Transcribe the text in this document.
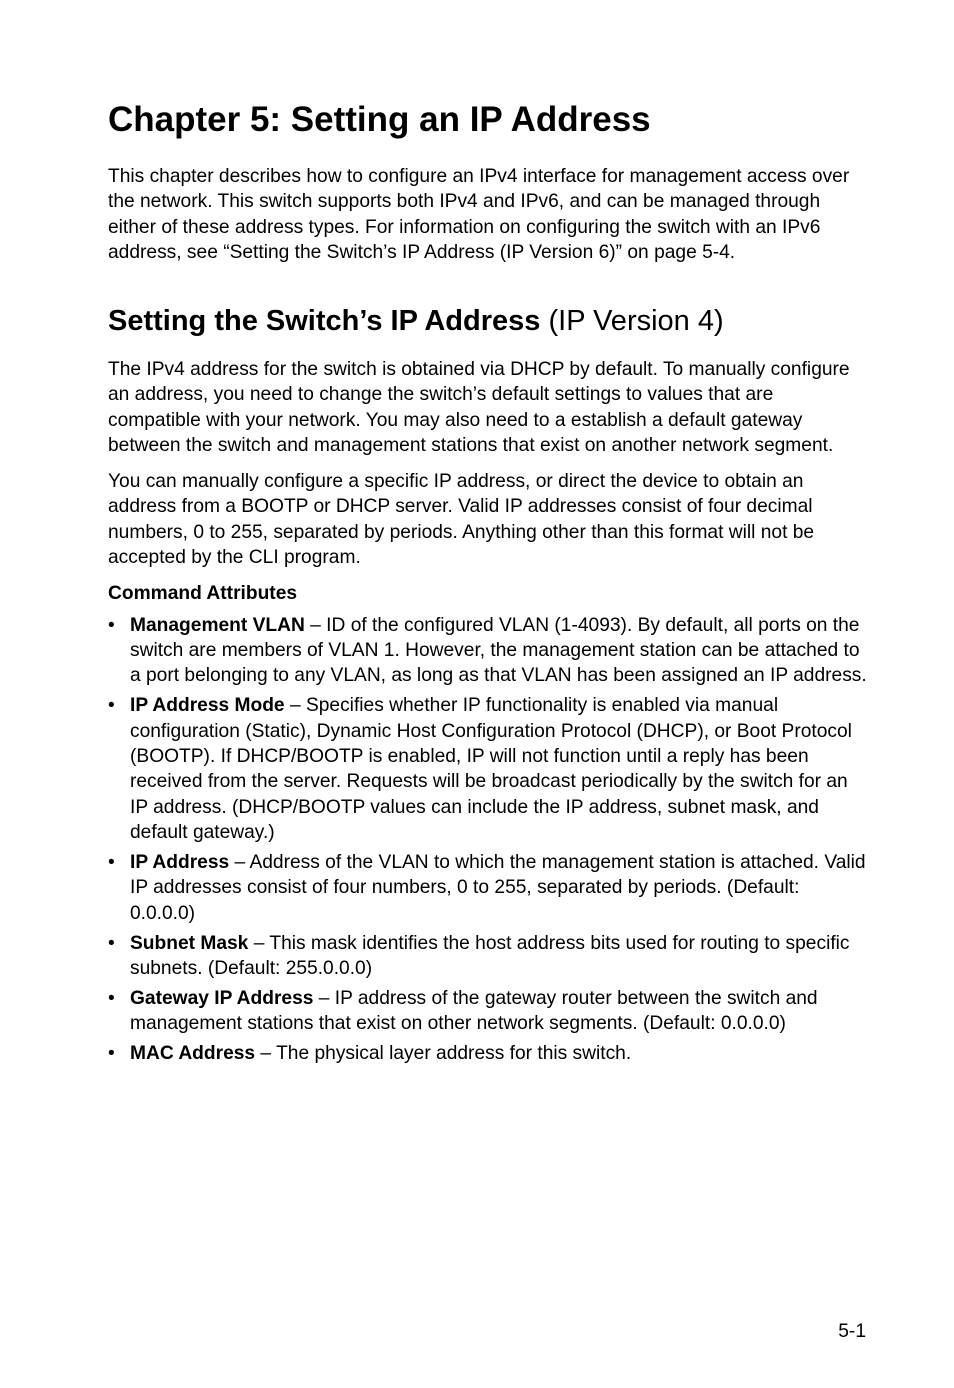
Chapter 5: Setting an IP Address

This chapter describes how to configure an IPv4 interface for management access over the network. This switch supports both IPv4 and IPv6, and can be managed through either of these address types. For information on configuring the switch with an IPv6 address, see “Setting the Switch’s IP Address (IP Version 6)” on page 5-4.

Setting the Switch’s IP Address (IP Version 4)

The IPv4 address for the switch is obtained via DHCP by default. To manually configure an address, you need to change the switch’s default settings to values that are compatible with your network. You may also need to a establish a default gateway between the switch and management stations that exist on another network segment.

You can manually configure a specific IP address, or direct the device to obtain an address from a BOOTP or DHCP server. Valid IP addresses consist of four decimal numbers, 0 to 255, separated by periods. Anything other than this format will not be accepted by the CLI program.

Command Attributes
• Management VLAN – ID of the configured VLAN (1-4093). By default, all ports on the switch are members of VLAN 1. However, the management station can be attached to a port belonging to any VLAN, as long as that VLAN has been assigned an IP address.
• IP Address Mode – Specifies whether IP functionality is enabled via manual configuration (Static), Dynamic Host Configuration Protocol (DHCP), or Boot Protocol (BOOTP). If DHCP/BOOTP is enabled, IP will not function until a reply has been received from the server. Requests will be broadcast periodically by the switch for an IP address. (DHCP/BOOTP values can include the IP address, subnet mask, and default gateway.)
• IP Address – Address of the VLAN to which the management station is attached. Valid IP addresses consist of four numbers, 0 to 255, separated by periods. (Default: 0.0.0.0)
• Subnet Mask – This mask identifies the host address bits used for routing to specific subnets. (Default: 255.0.0.0)
• Gateway IP Address – IP address of the gateway router between the switch and management stations that exist on other network segments. (Default: 0.0.0.0)
• MAC Address – The physical layer address for this switch.
5-1
